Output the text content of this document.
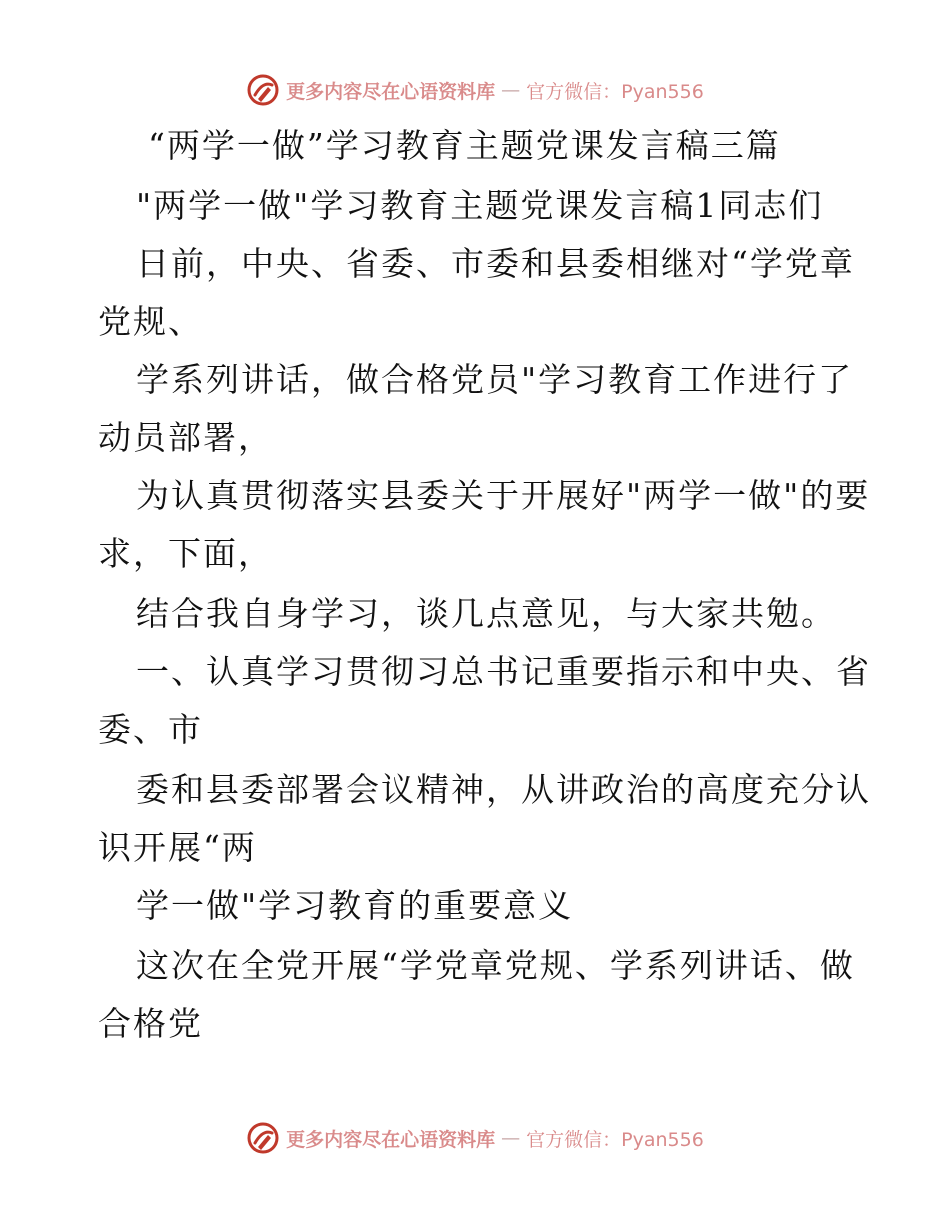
更多内容尽在心语资料库 — 官方微信：Pyan556
“两学一做”学习教育主题党课发言稿三篇
"两学一做"学习教育主题党课发言稿1同志们
日前，中央、省委、市委和县委相继对“学党章
党规、
学系列讲话，做合格党员"学习教育工作进行了
动员部署，
为认真贯彻落实县委关于开展好"两学一做"的要
求，下面，
结合我自身学习，谈几点意见，与大家共勉。
一、认真学习贯彻习总书记重要指示和中央、省
委、市
委和县委部署会议精神，从讲政治的高度充分认
识开展“两
学一做"学习教育的重要意义
这次在全党开展“学党章党规、学系列讲话、做
合格党
更多内容尽在心语资料库 — 官方微信：Pyan556
